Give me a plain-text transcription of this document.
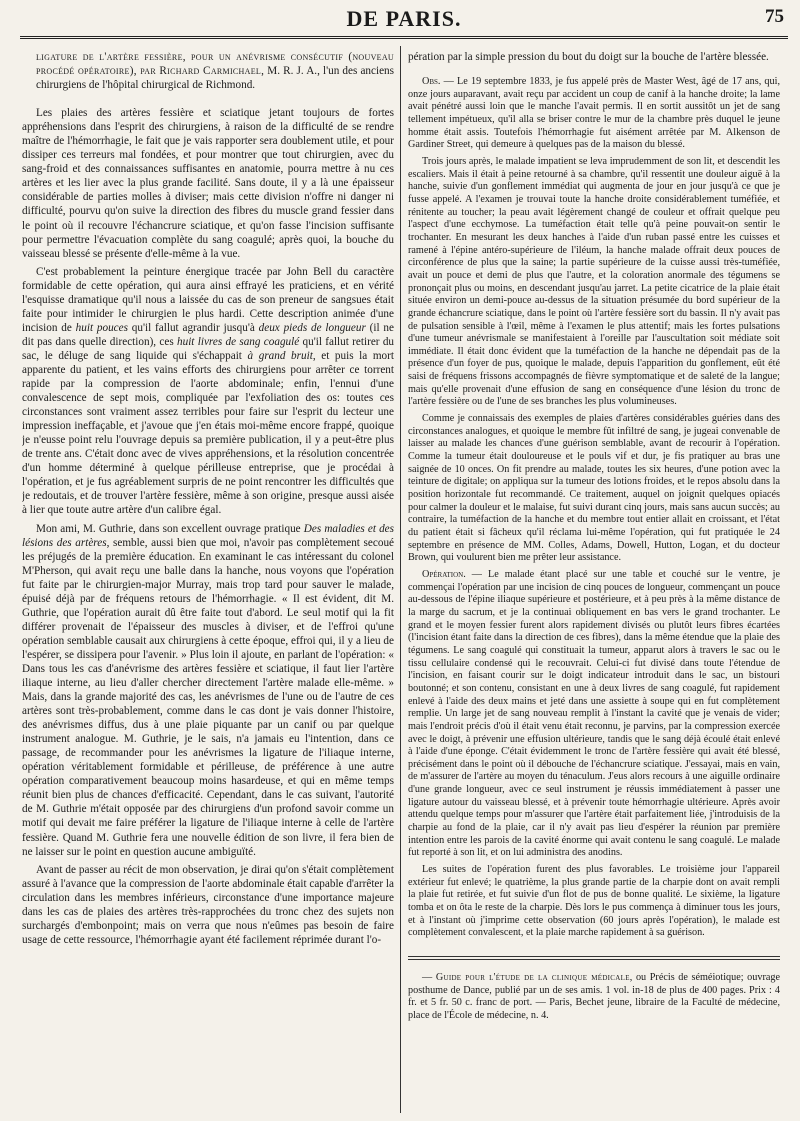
DE PARIS.	75

ligature de l'artère fessière, pour un anévrisme consécutif (nouveau procédé opératoire), par Richard Carmichael, M. R. J. A., l'un des anciens chirurgiens de l'hôpital chirurgical de Richmond.

Les plaies des artères fessière et sciatique jetant toujours de fortes appréhensions dans l'esprit des chirurgiens, à raison de la difficulté de se rendre maître de l'hémorrhagie, le fait que je vais rapporter sera doublement utile, et pour dissiper ces terreurs mal fondées, et pour montrer que tout chirurgien, avec du sang-froid et des connaissances suffisantes en anatomie, pourra mettre à nu ces artères et les lier avec la plus grande facilité. Sans doute, il y a là une épaisseur considérable de parties molles à diviser; mais cette division n'offre ni danger ni difficulté, pourvu qu'on suive la direction des fibres du muscle grand fessier dans le point où il recouvre l'échancrure sciatique, et qu'on fasse l'incision suffisante pour permettre l'évacuation complète du sang coagulé; après quoi, la bouche du vaisseau blessé se présente d'elle-même à la vue.

C'est probablement la peinture énergique tracée par John Bell du caractère formidable de cette opération, qui aura ainsi effrayé les praticiens, et en vérité l'esquisse dramatique qu'il nous a laissée du cas de son preneur de sangsues était faite pour intimider le chirurgien le plus hardi. Cette description animée d'une incision de huit pouces qu'il fallut agrandir jusqu'à deux pieds de longueur (il ne dit pas dans quelle direction), ces huit livres de sang coagulé qu'il fallut retirer du sac, le déluge de sang liquide qui s'échappait à grand bruit, et puis la mort apparente du patient, et les vains efforts des chirurgiens pour arrêter ce torrent rapide par la compression de l'aorte abdominale; enfin, l'ennui d'une convalescence de sept mois, compliquée par l'exfoliation des os: toutes ces circonstances sont vraiment assez terribles pour faire sur l'esprit du lecteur une impression ineffaçable, et j'avoue que j'en étais moi-même encore frappé, quoique je n'eusse point relu l'ouvrage depuis sa première publication, il y a peut-être plus de trente ans. C'était donc avec de vives appréhensions, et la résolution concentrée d'un homme déterminé à quelque périlleuse entreprise, que je procédai à l'opération, et je fus agréablement surpris de ne point rencontrer les difficultés que je redoutais, et de trouver l'artère fessière, même à son origine, presque aussi aisée à lier que toute autre artère d'un calibre égal.

Mon ami, M. Guthrie, dans son excellent ouvrage pratique Des maladies et des lésions des artères, semble, aussi bien que moi, n'avoir pas complètement secoué les préjugés de la première éducation. En examinant le cas intéressant du colonel M'Pherson, qui avait reçu une balle dans la hanche, nous voyons que l'opération fut faite par le chirurgien-major Murray, mais trop tard pour sauver le malade, épuisé déjà par de fréquens retours de l'hémorrhagie. « Il est évident, dit M. Guthrie, que l'opération aurait dû être faite tout d'abord. Le seul motif qui la fit différer provenait de l'épaisseur des muscles à diviser, et de l'effroi qu'une opération semblable causait aux chirurgiens à cette époque, effroi qui, il y a lieu de l'espérer, se dissipera pour l'avenir. » Plus loin il ajoute, en parlant de l'opération: « Dans tous les cas d'anévrisme des artères fessière et sciatique, il faut lier l'artère iliaque interne, au lieu d'aller chercher directement l'artère malade elle-même. » Mais, dans la grande majorité des cas, les anévrismes de l'une ou de l'autre de ces artères sont très-probablement, comme dans le cas dont je vais donner l'histoire, des anévrismes diffus, dus à une plaie piquante par un canif ou par quelque instrument analogue. M. Guthrie, je le sais, n'a jamais eu l'intention, dans ce passage, de recommander pour les anévrismes la ligature de l'iliaque interne, opération véritablement formidable et périlleuse, de préférence à une autre opération comparativement beaucoup moins hasardeuse, et qui en même temps réunit bien plus de chances d'efficacité. Cependant, dans le cas suivant, l'autorité de M. Guthrie m'était opposée par des chirurgiens d'un profond savoir comme un motif qui devait me faire préférer la ligature de l'iliaque interne à celle de l'artère fessière. Quand M. Guthrie fera une nouvelle édition de son livre, il fera bien de ne laisser sur le point en question aucune ambiguïté.

Avant de passer au récit de mon observation, je dirai qu'on s'était complètement assuré à l'avance que la compression de l'aorte abdominale était capable d'arrêter la circulation dans les membres inférieurs, circonstance d'une importance majeure dans les cas de plaies des artères très-rapprochées du tronc chez des sujets non surchargés d'embonpoint; mais on verra que nous n'eûmes pas besoin de faire usage de cette ressource, l'hémorrhagie ayant été facilement réprimée durant l'o-

pération par la simple pression du bout du doigt sur la bouche de l'artère blessée.

Obs. — Le 19 septembre 1833, je fus appelé près de Master West, âgé de 17 ans, qui, onze jours auparavant, avait reçu par accident un coup de canif à la hanche droite; la lame avait pénétré aussi loin que le manche l'avait permis. Il en sortit aussitôt un jet de sang tellement impétueux, qu'il alla se briser contre le mur de la chambre près duquel le jeune homme était assis. Toutefois l'hémorrhagie fut aisément arrêtée par M. Alkenson de Gardiner Street, qui demeure à quelques pas de la maison du blessé.

Trois jours après, le malade impatient se leva imprudemment de son lit, et descendit les escaliers. Mais il était à peine retourné à sa chambre, qu'il ressentit une douleur aiguë à la hanche, suivie d'un gonflement immédiat qui augmenta de jour en jour jusqu'à ce que je fusse appelé. A l'examen je trouvai toute la hanche droite considérablement tuméfiée, et rénitente au toucher; la peau avait légèrement changé de couleur et offrait quelque peu l'aspect d'une ecchymose. La tuméfaction était telle qu'à peine pouvait-on sentir le trochanter. En mesurant les deux hanches à l'aide d'un ruban passé entre les cuisses et ramené à l'épine antéro-supérieure de l'iléum, la hanche malade offrait deux pouces de circonférence de plus que la saine; la partie supérieure de la cuisse aussi très-tuméfiée, avait un pouce et demi de plus que l'autre, et la coloration anormale des tégumens se prononçait plus ou moins, en descendant jusqu'au jarret. La petite cicatrice de la plaie était située environ un demi-pouce au-dessus de la situation présumée du bord supérieur de la grande échancrure sciatique, dans le point où l'artère fessière sort du bassin. Il n'y avait pas de pulsation sensible à l'œil, même à l'examen le plus attentif; mais les fortes pulsations d'une tumeur anévrismale se manifestaient à l'oreille par l'auscultation soit médiate soit immédiate. Il était donc évident que la tuméfaction de la hanche ne dépendait pas de la présence d'un foyer de pus, quoique le malade, depuis l'apparition du gonflement, eût été saisi de fréquens frissons accompagnés de fièvre symptomatique et de saleté de la langue; mais qu'elle provenait d'une effusion de sang en conséquence d'une lésion du tronc de l'artère fessière ou de l'une de ses branches les plus volumineuses.

Comme je connaissais des exemples de plaies d'artères considérables guéries dans des circonstances analogues, et quoique le membre fût infiltré de sang, je jugeai convenable de laisser au malade les chances d'une guérison semblable, avant de recourir à l'opération. Comme la tumeur était douloureuse et le pouls vif et dur, je fis pratiquer au bras une saignée de 10 onces. On fit prendre au malade, toutes les six heures, d'une potion avec la teinture de digitale; on appliqua sur la tumeur des lotions froides, et le repos absolu dans la position horizontale fut recommandé. Ce traitement, auquel on joignit quelques opiacés pour calmer la douleur et le malaise, fut suivi durant cinq jours, mais sans aucun succès; au contraire, la tuméfaction de la hanche et du membre tout entier allait en croissant, et l'état du patient était si fâcheux qu'il réclama lui-même l'opération, qui fut pratiquée le 24 septembre en présence de MM. Colles, Adams, Dowell, Hutton, Logan, et du docteur Brown, qui voulurent bien me prêter leur assistance.

Opération. — Le malade étant placé sur une table et couché sur le ventre, je commençai l'opération par une incision de cinq pouces de longueur, commençant un pouce au-dessous de l'épine iliaque supérieure et postérieure, et à peu près à la même distance de la marge du sacrum, et je la continuai obliquement en bas vers le grand trochanter. Le grand et le moyen fessier furent alors rapidement divisés ou plutôt leurs fibres écartées (l'incision étant faite dans la direction de ces fibres), dans la même étendue que la plaie des tégumens. Le sang coagulé qui constituait la tumeur, apparut alors à travers le sac ou le tissu cellulaire condensé qui le recouvrait. Celui-ci fut divisé dans toute l'étendue de l'incision, en faisant courir sur le doigt indicateur introduit dans le sac, un bistouri boutonné; et son contenu, consistant en une à deux livres de sang coagulé, fut rapidement enlevé à l'aide des deux mains et jeté dans une assiette à soupe qui en fut complètement remplie. Un large jet de sang nouveau remplit à l'instant la cavité que je venais de vider; mais l'endroit précis d'où il était venu était reconnu, je parvins, par la compression exercée avec le doigt, à prévenir une effusion ultérieure, tandis que le sang déjà écoulé était enlevé à l'aide d'une éponge. C'était évidemment le tronc de l'artère fessière qui avait été blessé, précisément dans le point où il débouche de l'échancrure sciatique. J'essayai, mais en vain, de m'assurer de l'artère au moyen du ténaculum. J'eus alors recours à une aiguille ordinaire d'une grande longueur, avec ce seul instrument je réussis immédiatement à passer une ligature autour du vaisseau blessé, et à prévenir toute hémorrhagie ultérieure. Après avoir attendu quelque temps pour m'assurer que l'artère était parfaitement liée, j'introduisis de la charpie au fond de la plaie, car il n'y avait pas lieu d'espérer la réunion par première intention entre les parois de la cavité énorme qui avait contenu le sang coagulé. Le malade fut reporté à son lit, et on lui administra des anodins.

Les suites de l'opération furent des plus favorables. Le troisième jour l'appareil extérieur fut enlevé; le quatrième, la plus grande partie de la charpie dont on avait rempli la plaie fut retirée, et fut suivie d'un flot de pus de bonne qualité. Le sixième, la ligature tomba et on ôta le reste de la charpie. Dès lors le pus commença à diminuer tous les jours, et à l'instant où j'imprime cette observation (60 jours après l'opération), le malade est complètement convalescent, et la plaie marche rapidement à sa guérison.

— Guide pour l'étude de la clinique médicale, ou Précis de séméiotique; ouvrage posthume de Dance, publié par un de ses amis. 1 vol. in-18 de plus de 400 pages. Prix : 4 fr. et 5 fr. 50 c. franc de port. — Paris, Bechet jeune, libraire de la Faculté de médecine, place de l'École de médecine, n. 4.
